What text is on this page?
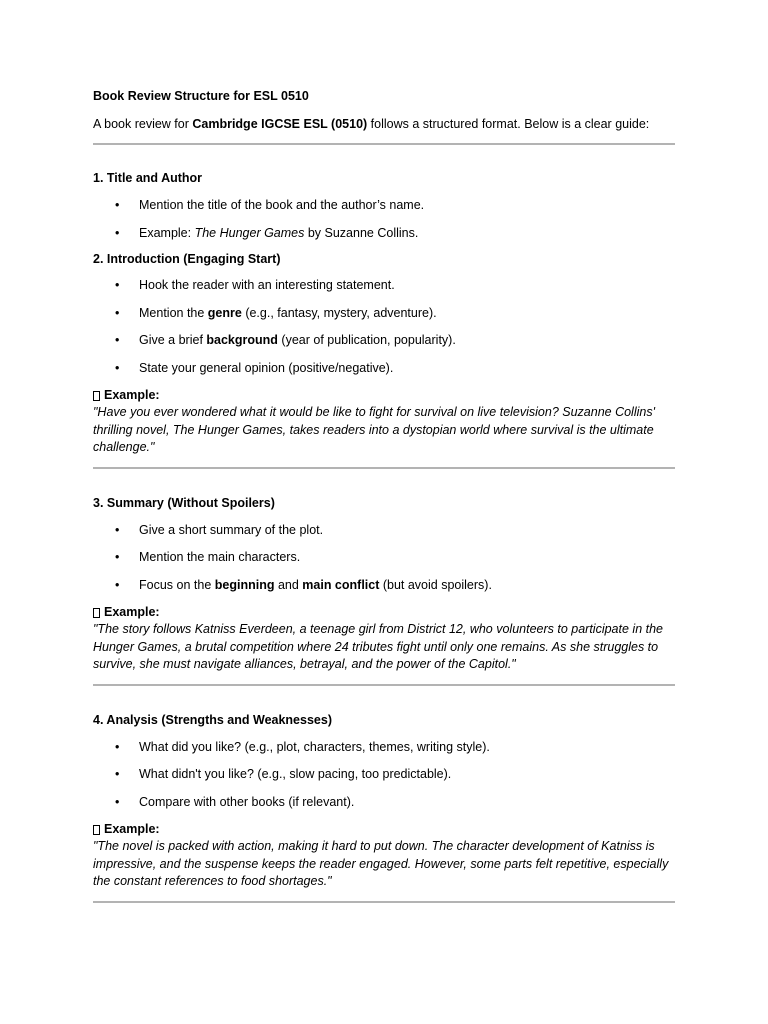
Book Review Structure for ESL 0510

A book review for Cambridge IGCSE ESL (0510) follows a structured format. Below is a clear guide:

1. Title and Author

• Mention the title of the book and the author’s name.
• Example: The Hunger Games by Suzanne Collins.

2. Introduction (Engaging Start)

• Hook the reader with an interesting statement.
• Mention the genre (e.g., fantasy, mystery, adventure).
• Give a brief background (year of publication, popularity).
• State your general opinion (positive/negative).

Example:

"Have you ever wondered what it would be like to fight for survival on live television? Suzanne Collins' thrilling novel, The Hunger Games, takes readers into a dystopian world where survival is the ultimate challenge."

3. Summary (Without Spoilers)

• Give a short summary of the plot.
• Mention the main characters.
• Focus on the beginning and main conflict (but avoid spoilers).

Example:

"The story follows Katniss Everdeen, a teenage girl from District 12, who volunteers to participate in the Hunger Games, a brutal competition where 24 tributes fight until only one remains. As she struggles to survive, she must navigate alliances, betrayal, and the power of the Capitol."

4. Analysis (Strengths and Weaknesses)

• What did you like? (e.g., plot, characters, themes, writing style).
• What didn't you like? (e.g., slow pacing, too predictable).
• Compare with other books (if relevant).

Example:

"The novel is packed with action, making it hard to put down. The character development of Katniss is impressive, and the suspense keeps the reader engaged. However, some parts felt repetitive, especially the constant references to food shortages."
